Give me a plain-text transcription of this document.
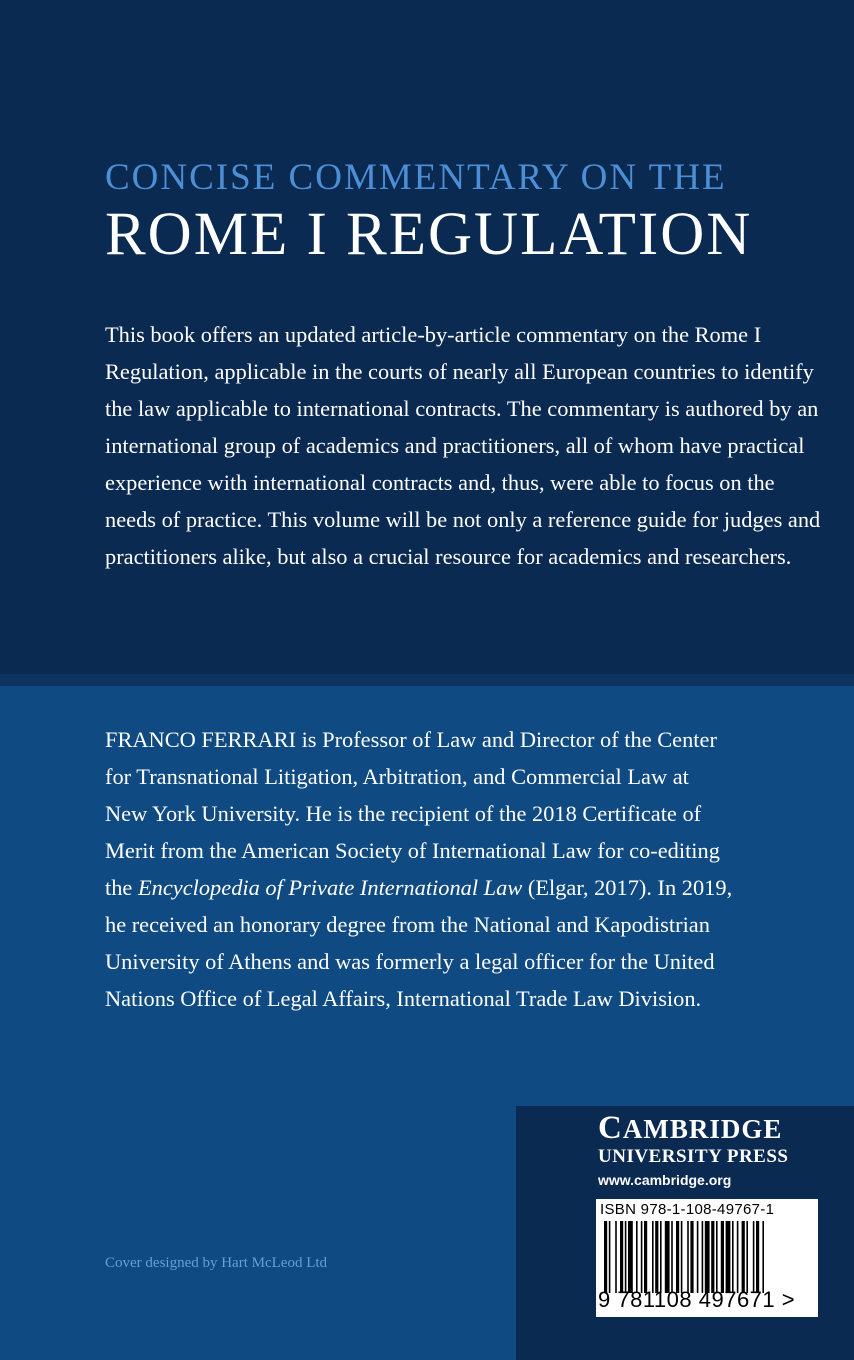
CONCISE COMMENTARY ON THE
ROME I REGULATION

This book offers an updated article-by-article commentary on the Rome I Regulation, applicable in the courts of nearly all European countries to identify the law applicable to international contracts. The commentary is authored by an international group of academics and practitioners, all of whom have practical experience with international contracts and, thus, were able to focus on the needs of practice. This volume will be not only a reference guide for judges and practitioners alike, but also a crucial resource for academics and researchers.

FRANCO FERRARI is Professor of Law and Director of the Center
for Transnational Litigation, Arbitration, and Commercial Law at
New York University. He is the recipient of the 2018 Certificate of
Merit from the American Society of International Law for co-editing
the Encyclopedia of Private International Law (Elgar, 2017). In 2019,
he received an honorary degree from the National and Kapodistrian
University of Athens and was formerly a legal officer for the United
Nations Office of Legal Affairs, International Trade Law Division.
Cover designed by Hart McLeod Ltd
CAMBRIDGE
UNIVERSITY PRESS
www.cambridge.org
ISBN 978-1-108-49767-1
9 781108 497671 >
